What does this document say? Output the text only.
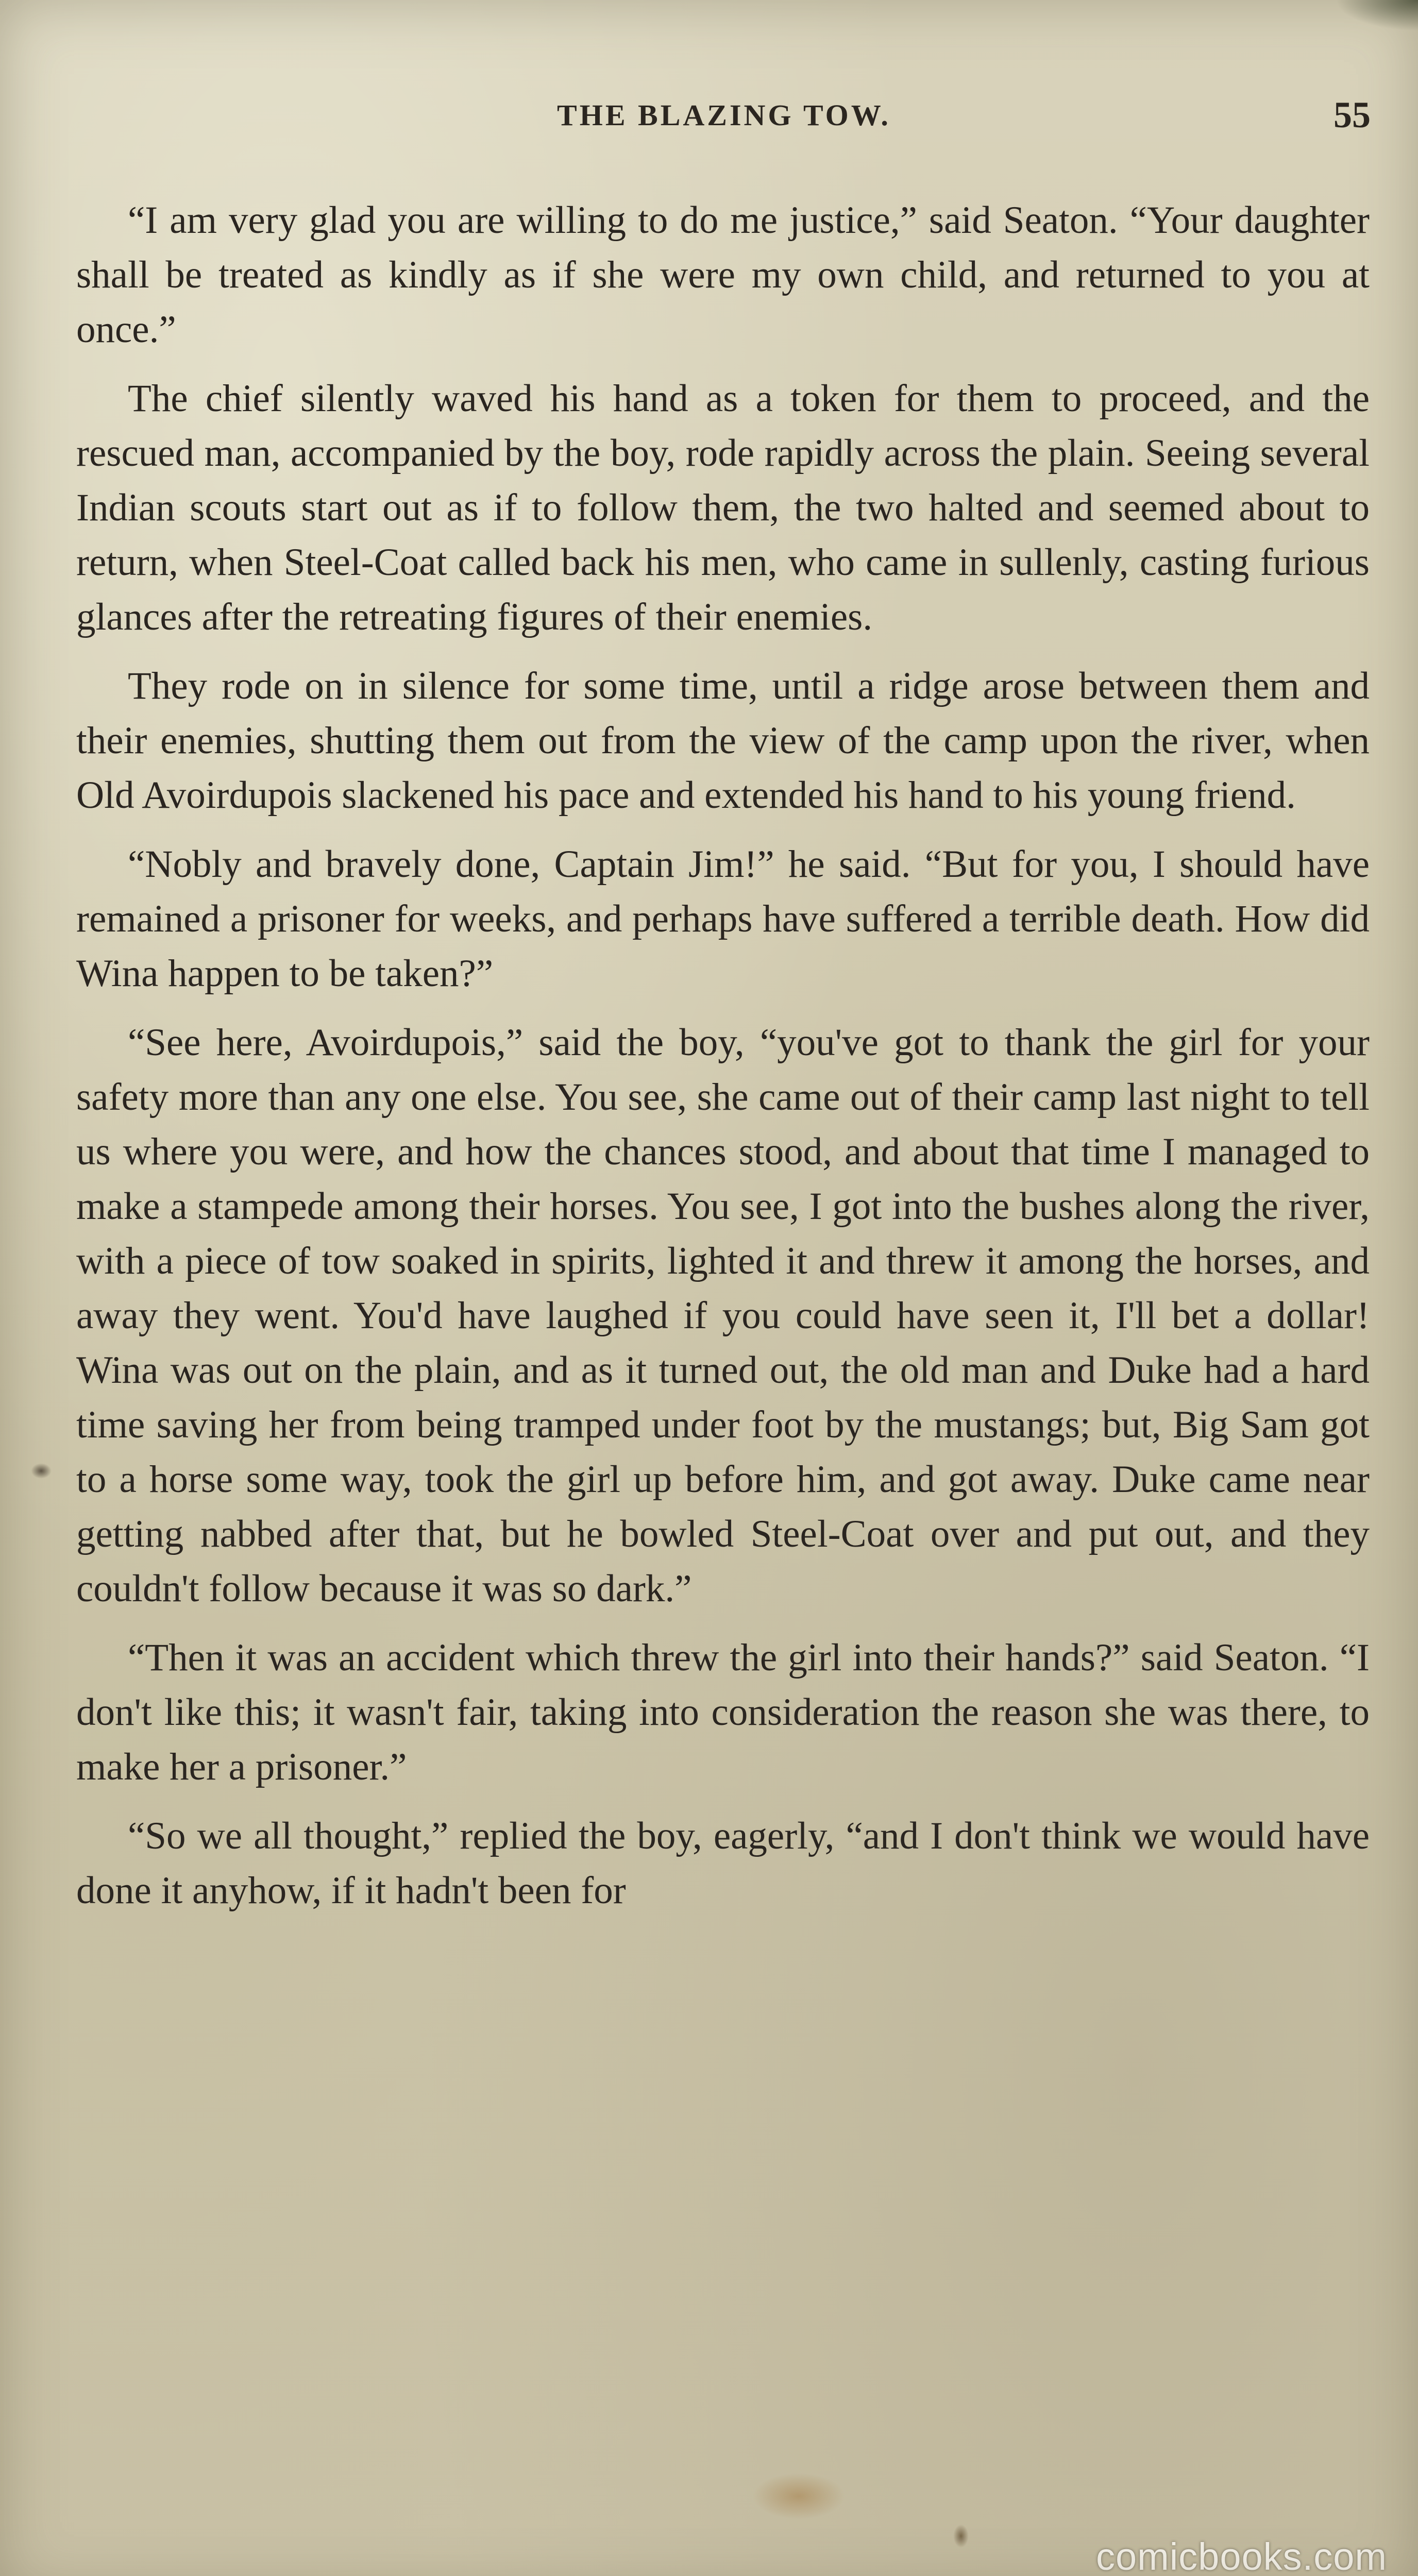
THE BLAZING TOW.	55

“I am very glad you are willing to do me justice,” said Seaton. “Your daughter shall be treated as kindly as if she were my own child, and returned to you at once.”

The chief silently waved his hand as a token for them to proceed, and the rescued man, accompanied by the boy, rode rapidly across the plain. Seeing several Indian scouts start out as if to follow them, the two halted and seemed about to return, when Steel-Coat called back his men, who came in sullenly, casting furious glances after the retreating figures of their enemies.

They rode on in silence for some time, until a ridge arose between them and their enemies, shutting them out from the view of the camp upon the river, when Old Avoirdupois slackened his pace and extended his hand to his young friend.

“Nobly and bravely done, Captain Jim!” he said. “But for you, I should have remained a prisoner for weeks, and perhaps have suffered a terrible death. How did Wina happen to be taken?”

“See here, Avoirdupois,” said the boy, “you've got to thank the girl for your safety more than any one else. You see, she came out of their camp last night to tell us where you were, and how the chances stood, and about that time I managed to make a stampede among their horses. You see, I got into the bushes along the river, with a piece of tow soaked in spirits, lighted it and threw it among the horses, and away they went. You'd have laughed if you could have seen it, I'll bet a dollar! Wina was out on the plain, and as it turned out, the old man and Duke had a hard time saving her from being tramped under foot by the mustangs; but, Big Sam got to a horse some way, took the girl up before him, and got away. Duke came near getting nabbed after that, but he bowled Steel-Coat over and put out, and they couldn't follow because it was so dark.”

“Then it was an accident which threw the girl into their hands?” said Seaton. “I don't like this; it wasn't fair, taking into consideration the reason she was there, to make her a prisoner.”

“So we all thought,” replied the boy, eagerly, “and I don't think we would have done it anyhow, if it hadn't been for

comicbooks.com
